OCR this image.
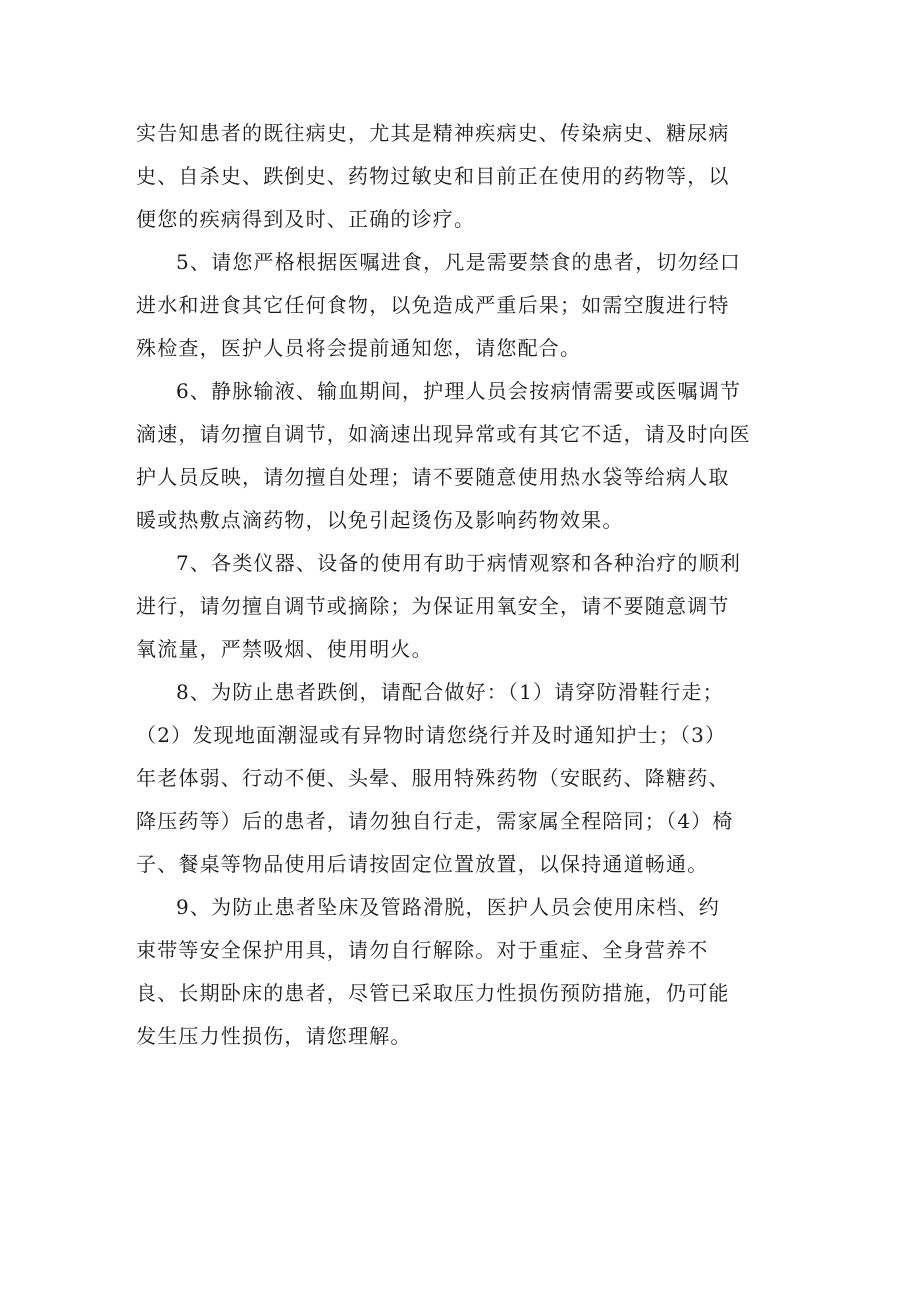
实告知患者的既往病史，尤其是精神疾病史、传染病史、糖尿病
史、自杀史、跌倒史、药物过敏史和目前正在使用的药物等，以
便您的疾病得到及时、正确的诊疗。
5、请您严格根据医嘱进食，凡是需要禁食的患者，切勿经口
进水和进食其它任何食物，以免造成严重后果；如需空腹进行特
殊检查，医护人员将会提前通知您，请您配合。
6、静脉输液、输血期间，护理人员会按病情需要或医嘱调节
滴速，请勿擅自调节，如滴速出现异常或有其它不适，请及时向医
护人员反映，请勿擅自处理；请不要随意使用热水袋等给病人取
暖或热敷点滴药物，以免引起烫伤及影响药物效果。
7、各类仪器、设备的使用有助于病情观察和各种治疗的顺利
进行，请勿擅自调节或摘除；为保证用氧安全，请不要随意调节
氧流量，严禁吸烟、使用明火。
8、为防止患者跌倒，请配合做好：（1）请穿防滑鞋行走；
（2）发现地面潮湿或有异物时请您绕行并及时通知护士；（3）
年老体弱、行动不便、头晕、服用特殊药物（安眠药、降糖药、
降压药等）后的患者，请勿独自行走，需家属全程陪同；（4）椅
子、餐桌等物品使用后请按固定位置放置，以保持通道畅通。
9、为防止患者坠床及管路滑脱，医护人员会使用床档、约
束带等安全保护用具，请勿自行解除。对于重症、全身营养不
良、长期卧床的患者，尽管已采取压力性损伤预防措施，仍可能
发生压力性损伤，请您理解。
